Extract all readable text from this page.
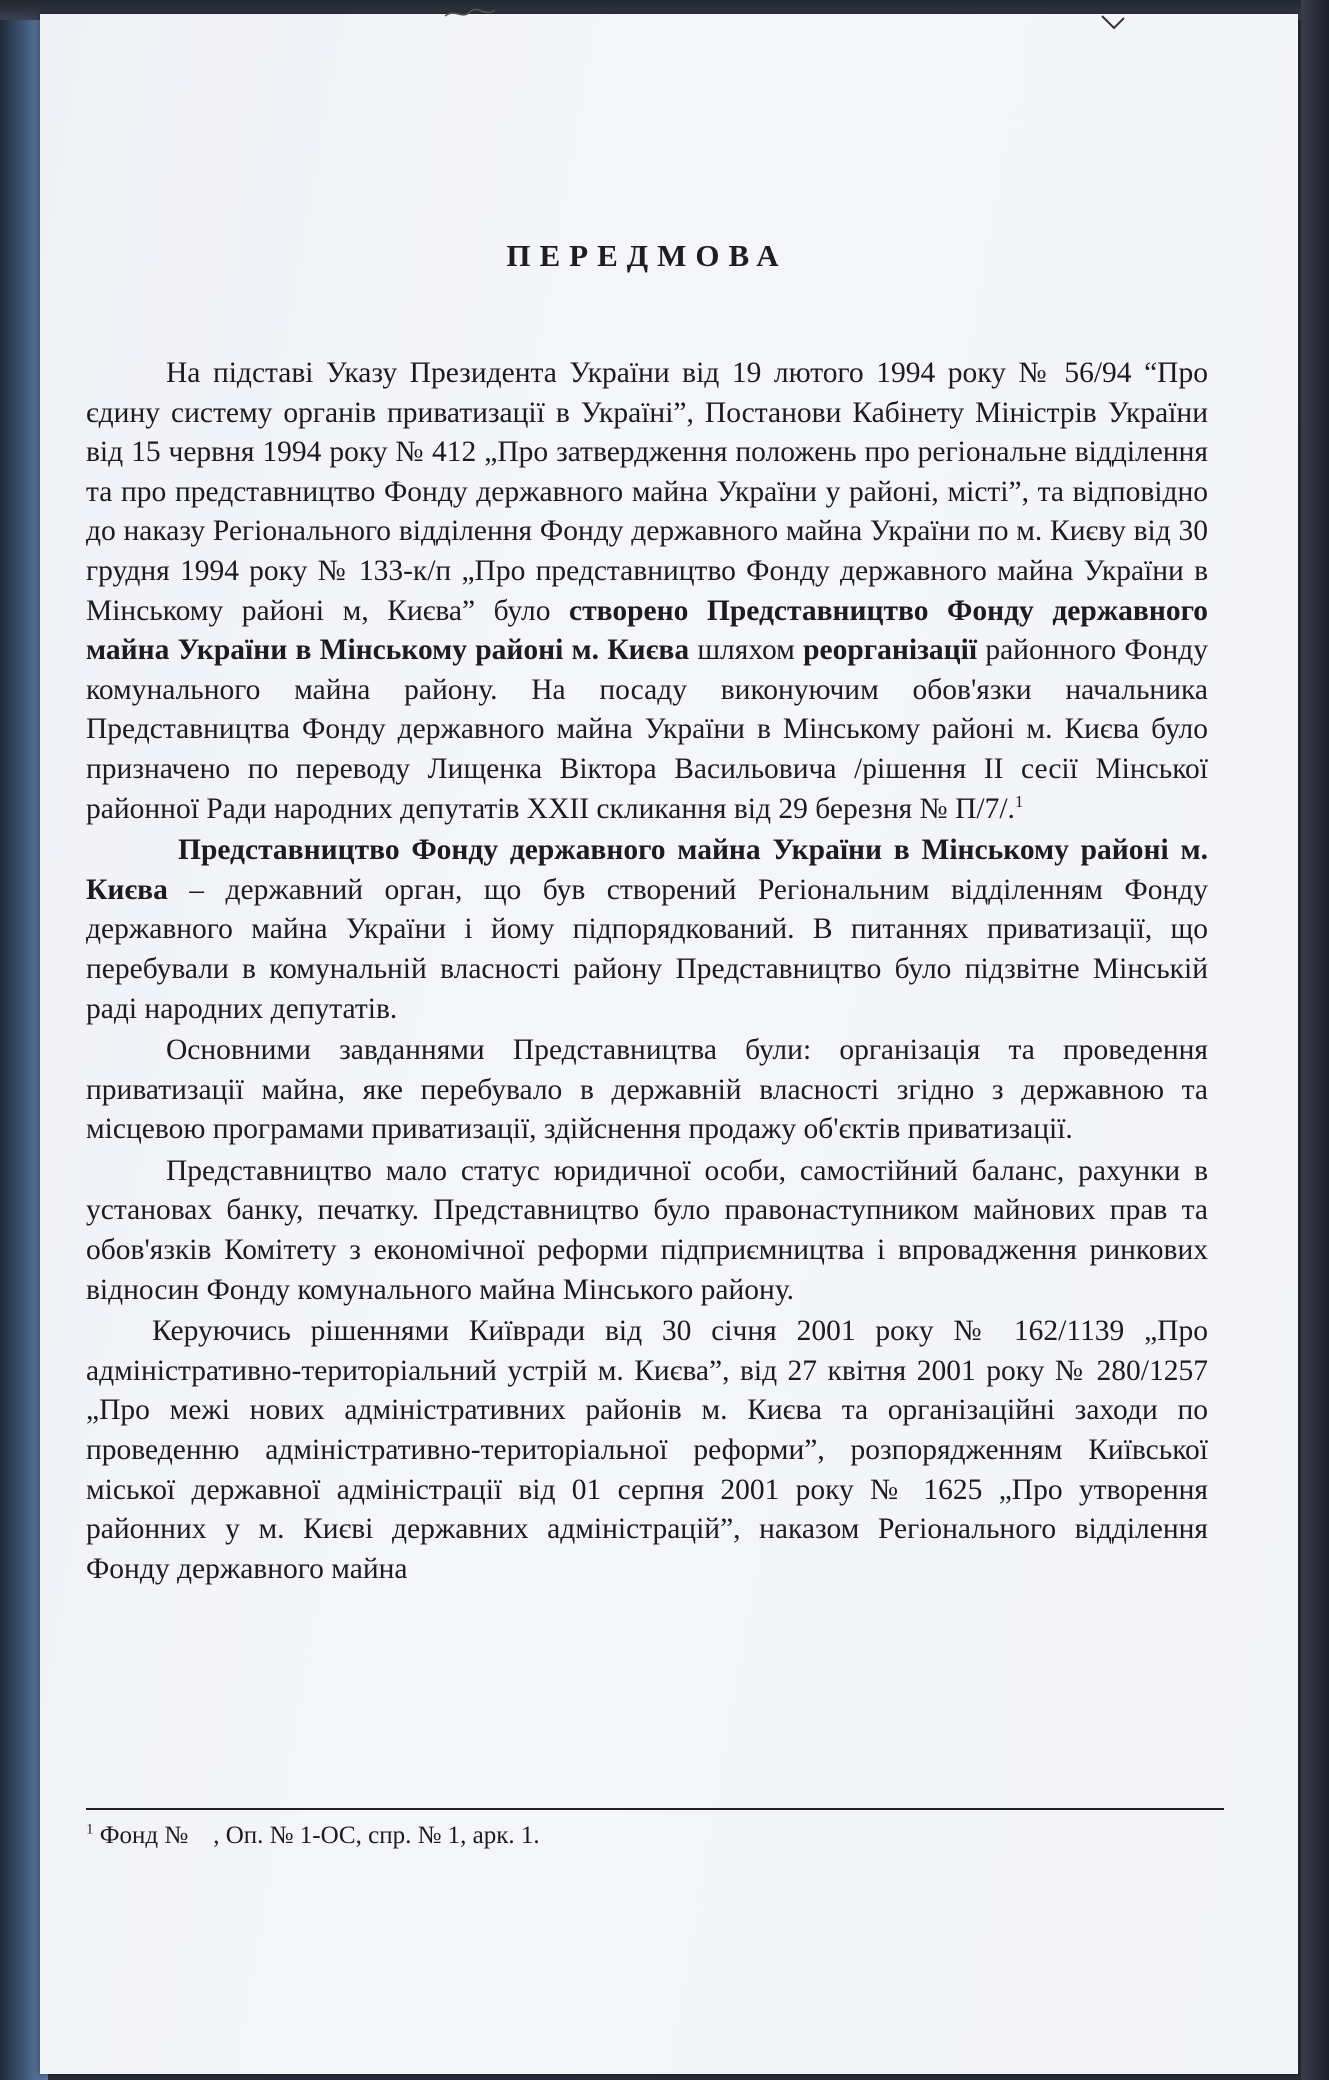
ПЕРЕДМОВА

На підставі Указу Президента України від 19 лютого 1994 року № 56/94 “Про єдину систему органів приватизації в Україні”, Постанови Кабінету Міністрів України від 15 червня 1994 року № 412 „Про затвердження положень про регіональне відділення та про представництво Фонду державного майна України у районі, місті”, та відповідно до наказу Регіонального відділення Фонду державного майна України по м. Києву від 30 грудня 1994 року № 133-к/п „Про представництво Фонду державного майна України в Мінському районі м, Києва” було створено Представництво Фонду державного майна України в Мінському районі м. Києва шляхом реорганізації районного Фонду комунального майна району. На посаду виконуючим обов'язки начальника Представництва Фонду державного майна України в Мінському районі м. Києва було призначено по переводу Лищенка Віктора Васильовича /рішення II сесії Мінської районної Ради народних депутатів XXII скликання від 29 березня № П/7/.$^1$

Представництво Фонду державного майна України в Мінському районі м. Києва – державний орган, що був створений Регіональним відділенням Фонду державного майна України і йому підпорядкований. В питаннях приватизації, що перебували в комунальній власності району Представництво було підзвітне Мінській раді народних депутатів.

Основними завданнями Представництва були: організація та проведення приватизації майна, яке перебувало в державній власності згідно з державною та місцевою програмами приватизації, здійснення продажу об'єктів приватизації.

Представництво мало статус юридичної особи, самостійний баланс, рахунки в установах банку, печатку. Представництво було правонаступником майнових прав та обов'язків Комітету з економічної реформи підприємництва і впровадження ринкових відносин Фонду комунального майна Мінського району.

Керуючись рішеннями Київради від 30 січня 2001 року № 162/1139 „Про адміністративно-територіальний устрій м. Києва”, від 27 квітня 2001 року № 280/1257 „Про межі нових адміністративних районів м. Києва та організаційні заходи по проведенню адміністративно-територіальної реформи”, розпорядженням Київської міської державної адміністрації від 01 серпня 2001 року № 1625 „Про утворення районних у м. Києві державних адміністрацій”, наказом Регіонального відділення Фонду державного майна

$^1$ Фонд №    , Оп. № 1-ОС, спр. № 1, арк. 1.
